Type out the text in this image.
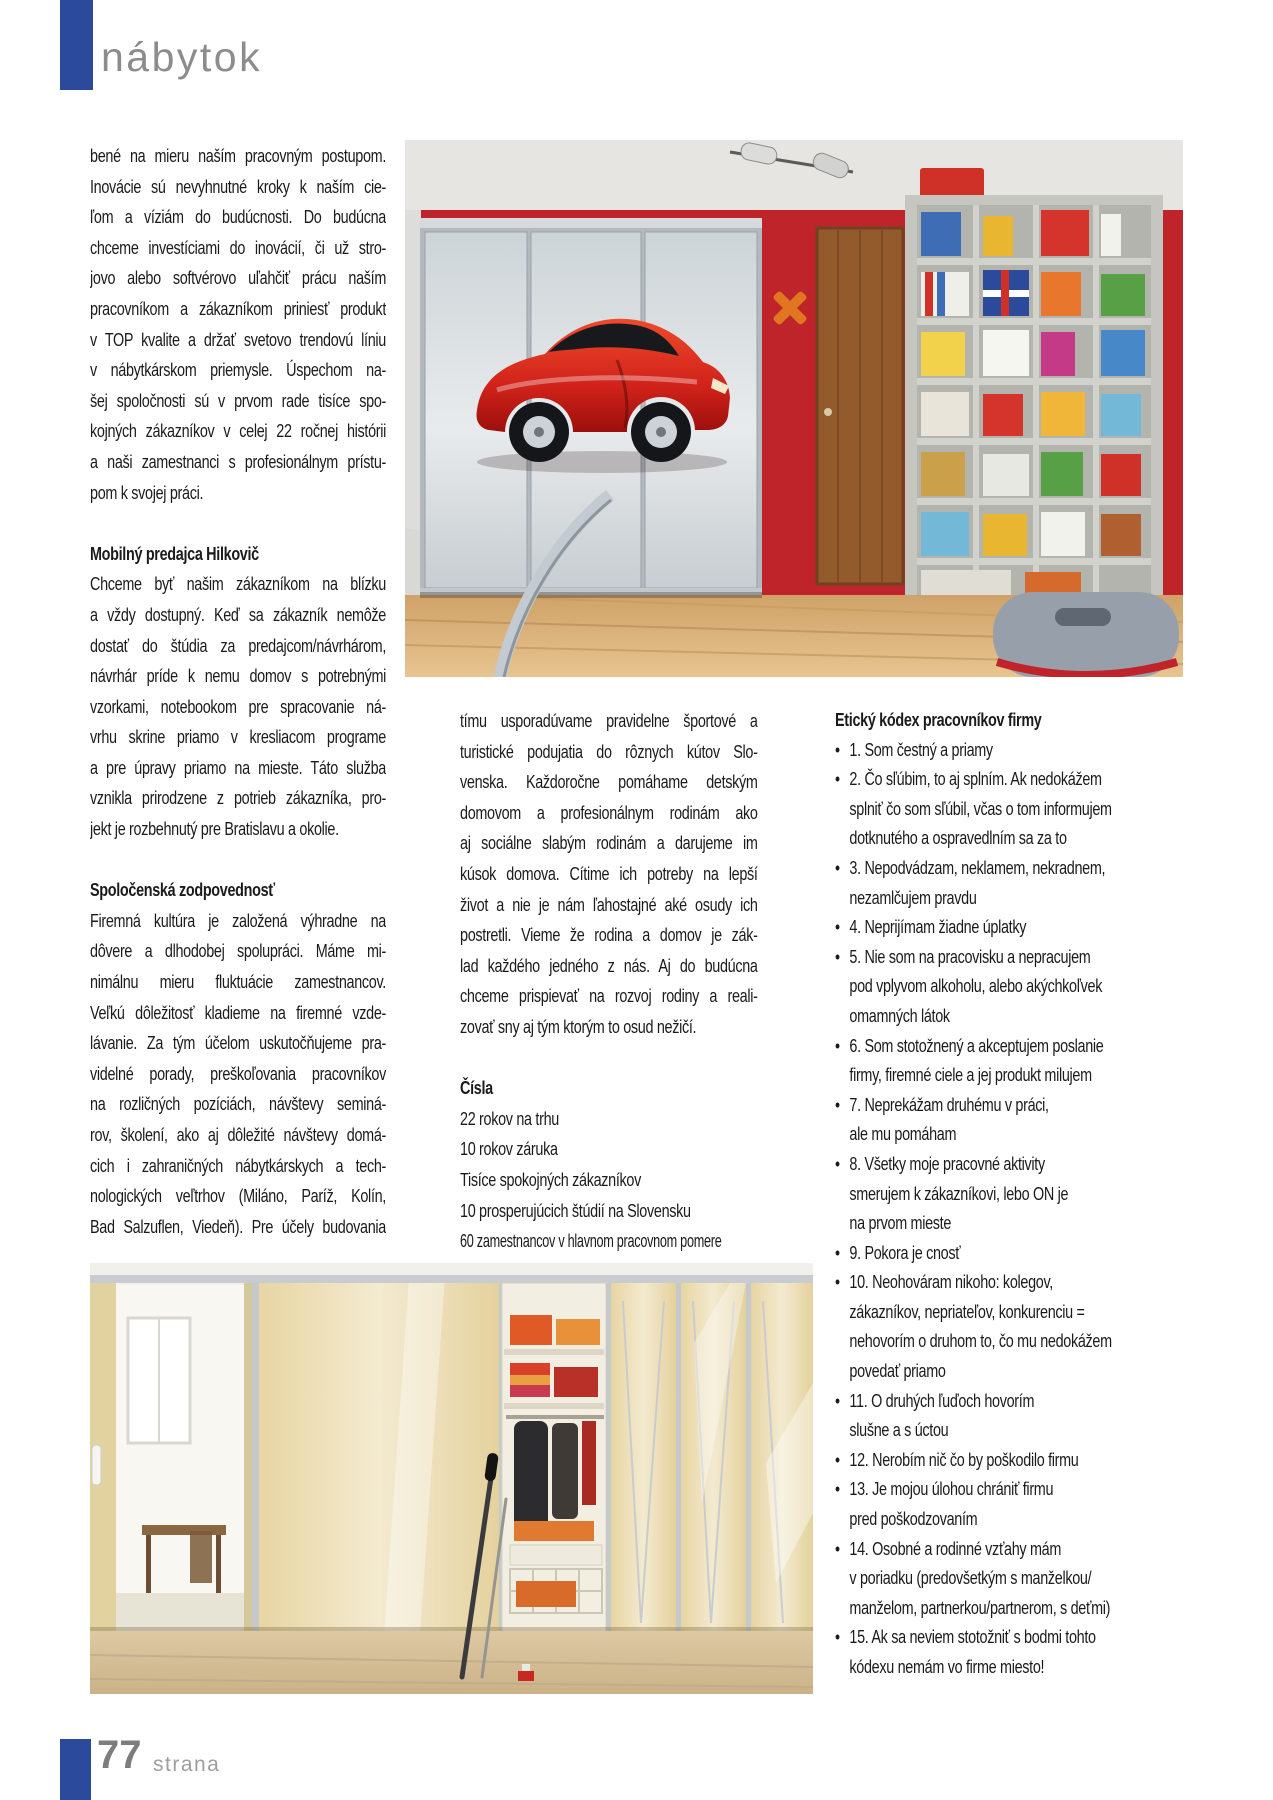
nábytok
bené na mieru naším pracovným postupom.
Inovácie sú nevyhnutné kroky k naším cie-
ľom a víziám do budúcnosti. Do budúcna
chceme investíciami do inovácií, či už stro-
jovo alebo softvérovo uľahčiť prácu naším
pracovníkom a zákazníkom priniesť produkt
v TOP kvalite a držať svetovo trendovú líniu
v nábytkárskom priemysle. Úspechom na-
šej spoločnosti sú v prvom rade tisíce spo-
kojných zákazníkov v celej 22 ročnej histórii
a naši zamestnanci s profesionálnym prístu-
pom k svojej práci.

Mobilný predajca Hilkovič
Chceme byť našim zákazníkom na blízku
a vždy dostupný. Keď sa zákazník nemôže
dostať do štúdia za predajcom/návrhárom,
návrhár príde k nemu domov s potrebnými
vzorkami, notebookom pre spracovanie ná-
vrhu skrine priamo v kresliacom programe
a pre úpravy priamo na mieste. Táto služba
vznikla prirodzene z potrieb zákazníka, pro-
jekt je rozbehnutý pre Bratislavu a okolie.

Spoločenská zodpovednosť
Firemná kultúra je založená výhradne na
dôvere a dlhodobej spolupráci. Máme mi-
nimálnu mieru fluktuácie zamestnancov.
Veľkú dôležitosť kladieme na firemné vzde-
lávanie. Za tým účelom uskutočňujeme pra-
videlné porady, preškoľovania pracovníkov
na rozličných pozíciách, návštevy seminá-
rov, školení, ako aj dôležité návštevy domá-
cich i zahraničných nábytkárskych a tech-
nologických veľtrhov (Miláno, Paríž, Kolín,
Bad Salzuflen, Viedeň). Pre účely budovania
tímu usporadúvame pravidelne športové a
turistické podujatia do rôznych kútov Slo-
venska. Každoročne pomáhame detským
domovom a profesionálnym rodinám ako
aj sociálne slabým rodinám a darujeme im
kúsok domova. Cítime ich potreby na lepší
život a nie je nám ľahostajné aké osudy ich
postretli. Vieme že rodina a domov je zák-
lad každého jedného z nás. Aj do budúcna
chceme prispievať na rozvoj rodiny a reali-
zovať sny aj tým ktorým to osud nežičí.

Čísla
22 rokov na trhu
10 rokov záruka
Tisíce spokojných zákazníkov
10 prosperujúcich štúdií na Slovensku
60 zamestnancov v hlavnom pracovnom pomere
Etický kódex pracovníkov firmy
• 1. Som čestný a priamy
• 2. Čo sľúbim, to aj splním. Ak nedokážem
splniť čo som sľúbil, včas o tom informujem
dotknutého a ospravedlním sa za to
• 3. Nepodvádzam, neklamem, nekradnem,
nezamlčujem pravdu
• 4. Neprijímam žiadne úplatky
• 5. Nie som na pracovisku a nepracujem
pod vplyvom alkoholu, alebo akýchkoľvek
omamných látok
• 6. Som stotožnený a akceptujem poslanie
firmy, firemné ciele a jej produkt milujem
• 7. Neprekážam druhému v práci,
ale mu pomáham
• 8. Všetky moje pracovné aktivity
smerujem k zákazníkovi, lebo ON je
na prvom mieste
• 9. Pokora je cnosť
• 10. Neohováram nikoho: kolegov,
zákazníkov, nepriateľov, konkurenciu =
nehovorím o druhom to, čo mu nedokážem
povedať priamo
• 11. O druhých ľuďoch hovorím
slušne a s úctou
• 12. Nerobím nič čo by poškodilo firmu
• 13. Je mojou úlohou chrániť firmu
pred poškodzovaním
• 14. Osobné a rodinné vzťahy mám
v poriadku (predovšetkým s manželkou/
manželom, partnerkou/partnerom, s deťmi)
• 15. Ak sa neviem stotožniť s bodmi tohto
kódexu nemám vo firme miesto!
77 strana
